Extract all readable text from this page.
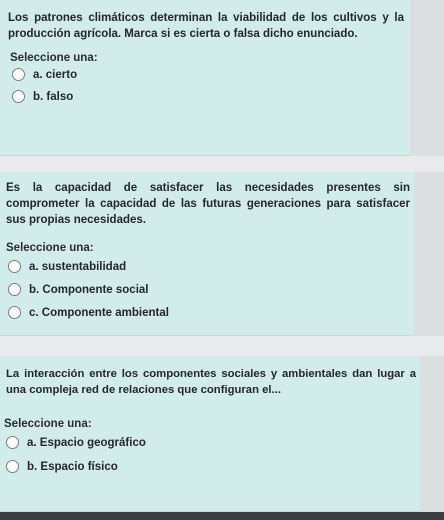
Los patrones climáticos determinan la viabilidad de los cultivos y la producción agrícola. Marca si es cierta o falsa dicho enunciado.
Seleccione una:
a. cierto
b. falso
Es la capacidad de satisfacer las necesidades presentes sin comprometer la capacidad de las futuras generaciones para satisfacer sus propias necesidades.
Seleccione una:
a. sustentabilidad
b. Componente social
c. Componente ambiental
La interacción entre los componentes sociales y ambientales dan lugar a una compleja red de relaciones que configuran el...
Seleccione una:
a. Espacio geográfico
b. Espacio físico
